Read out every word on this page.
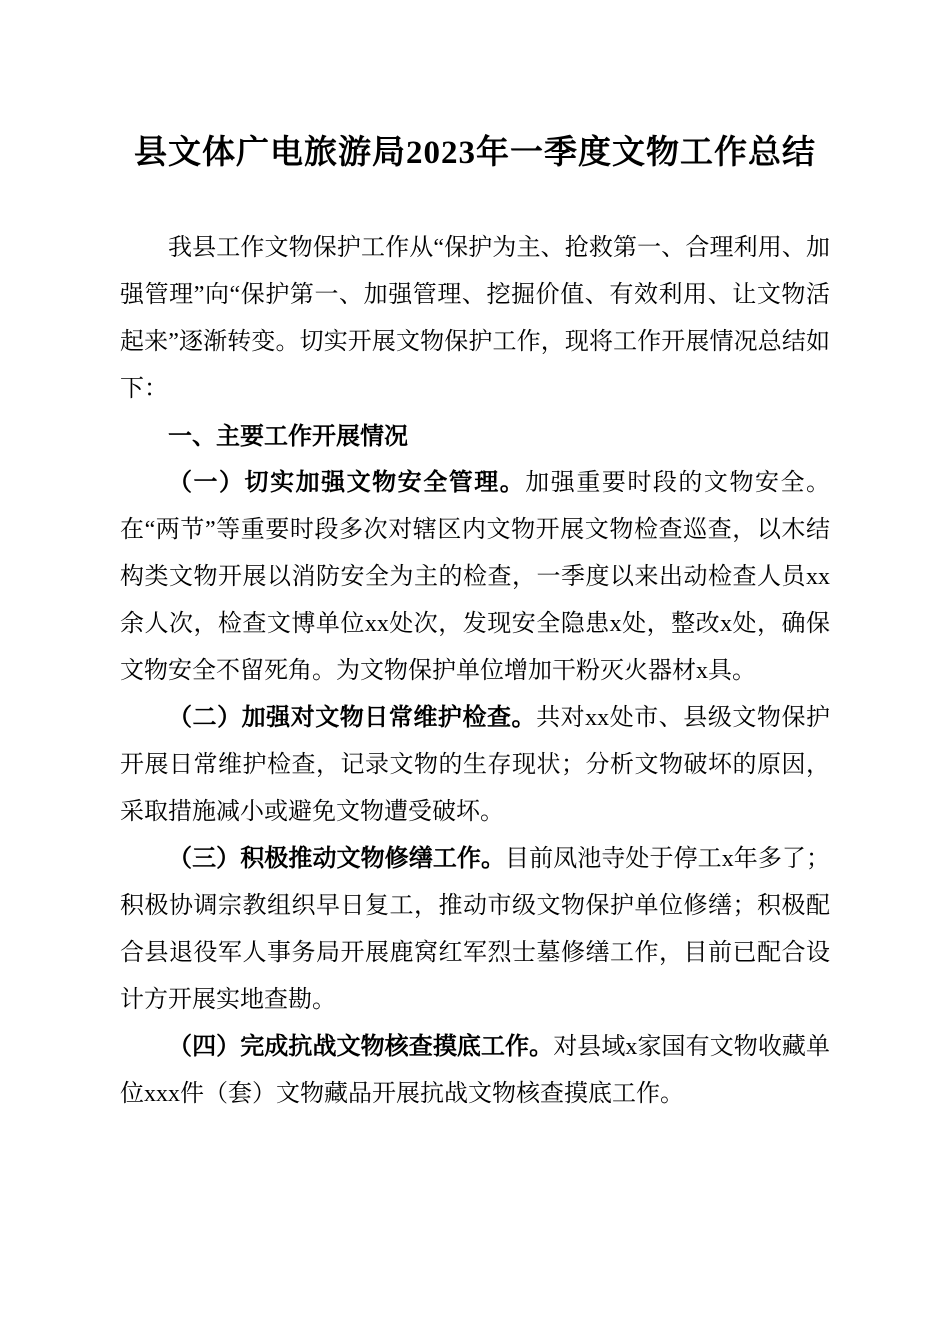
县文体广电旅游局2023年一季度文物工作总结

我县工作文物保护工作从“保护为主、抢救第一、合理利用、加强管理”向“保护第一、加强管理、挖掘价值、有效利用、让文物活起来”逐渐转变。切实开展文物保护工作，现将工作开展情况总结如下：

一、主要工作开展情况

（一）切实加强文物安全管理。加强重要时段的文物安全。在“两节”等重要时段多次对辖区内文物开展文物检查巡查，以木结构类文物开展以消防安全为主的检查，一季度以来出动检查人员xx余人次，检查文博单位xx处次，发现安全隐患x处，整改x处，确保文物安全不留死角。为文物保护单位增加干粉灭火器材x具。

（二）加强对文物日常维护检查。共对xx处市、县级文物保护开展日常维护检查，记录文物的生存现状；分析文物破坏的原因，采取措施减小或避免文物遭受破坏。

（三）积极推动文物修缮工作。目前凤池寺处于停工x年多了；积极协调宗教组织早日复工，推动市级文物保护单位修缮；积极配合县退役军人事务局开展鹿窝红军烈士墓修缮工作，目前已配合设计方开展实地查勘。

（四）完成抗战文物核查摸底工作。对县域x家国有文物收藏单位xxx件（套）文物藏品开展抗战文物核查摸底工作。
